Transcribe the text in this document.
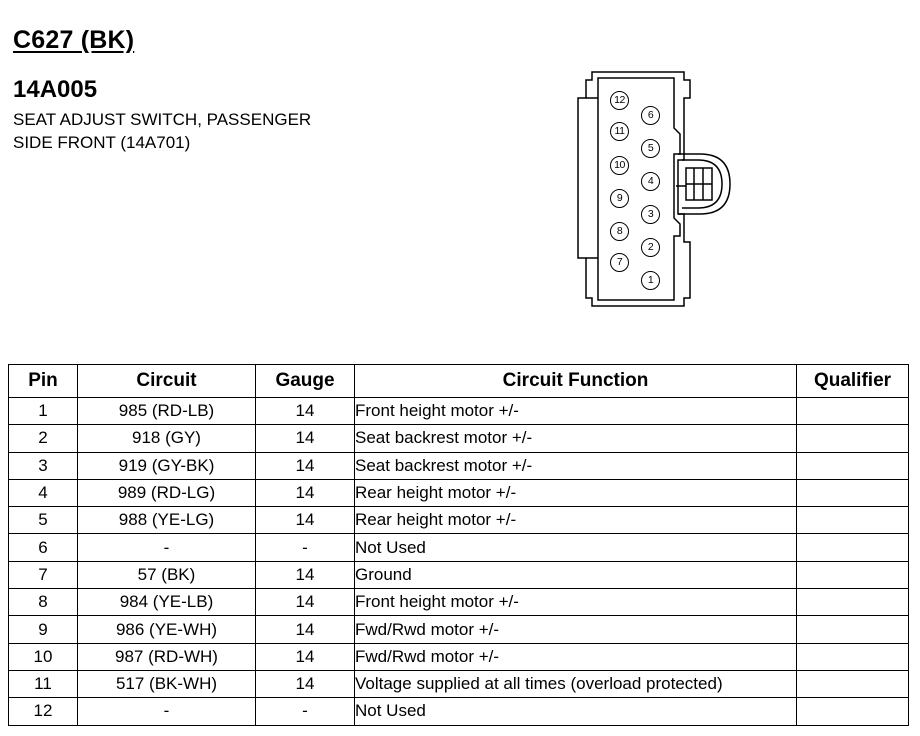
C627 (BK)
14A005
SEAT ADJUST SWITCH, PASSENGER
SIDE FRONT (14A701)
1
2
3
4
5
6
7
8
9
10
11
12
Pin	Circuit	Gauge	Circuit Function	Qualifier
1	985 (RD-LB)	14	Front height motor +/-	
2	918 (GY)	14	Seat backrest motor +/-	
3	919 (GY-BK)	14	Seat backrest motor +/-	
4	989 (RD-LG)	14	Rear height motor +/-	
5	988 (YE-LG)	14	Rear height motor +/-	
6	-	-	Not Used	
7	57 (BK)	14	Ground	
8	984 (YE-LB)	14	Front height motor +/-	
9	986 (YE-WH)	14	Fwd/Rwd motor +/-	
10	987 (RD-WH)	14	Fwd/Rwd motor +/-	
11	517 (BK-WH)	14	Voltage supplied at all times (overload protected)	
12	-	-	Not Used	
